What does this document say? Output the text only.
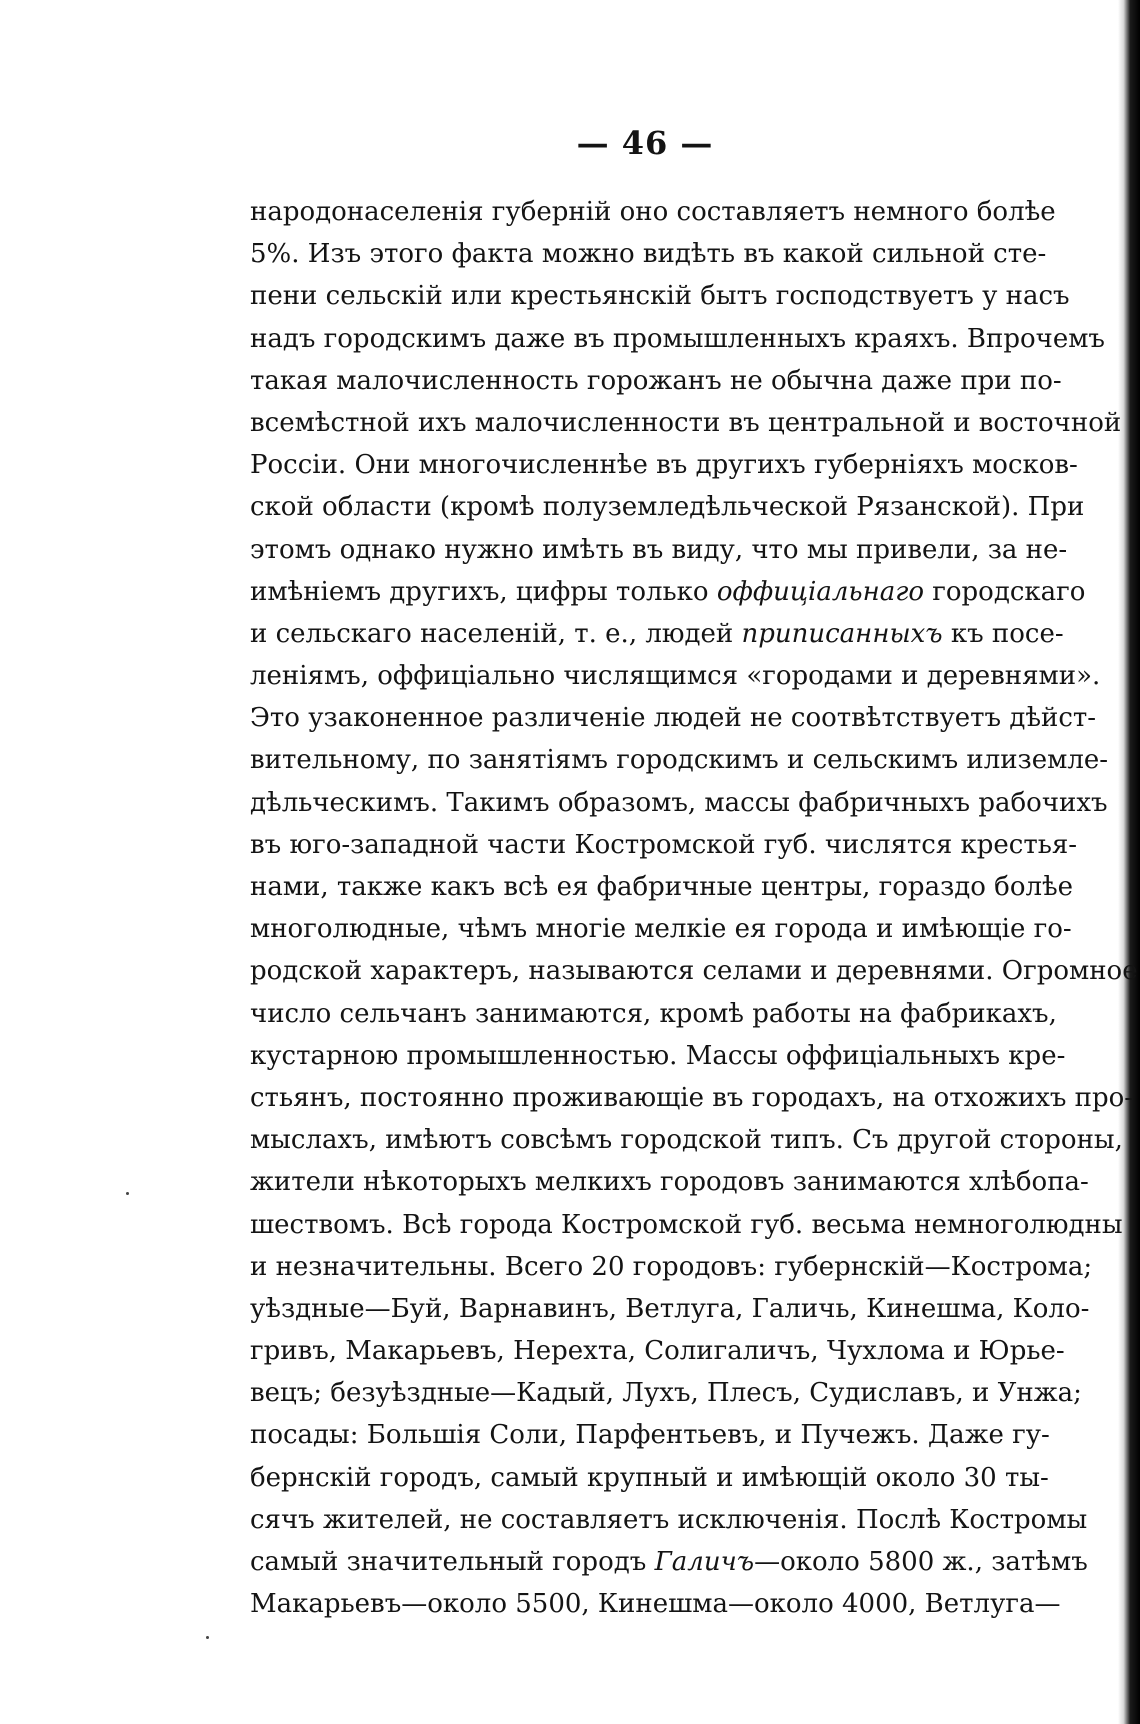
— 46 —
народонаселенія губерній оно составляетъ немного болѣе
5%. Изъ этого факта можно видѣть въ какой сильной сте-
пени сельскій или крестьянскій бытъ господствуетъ у насъ
надъ городскимъ даже въ промышленныхъ краяхъ. Впрочемъ
такая малочисленность горожанъ не обычна даже при по-
всемѣстной ихъ малочисленности въ центральной и восточной
Россіи. Они многочисленнѣе въ другихъ губерніяхъ москов-
ской области (кромѣ полуземледѣльческой Рязанской). При
этомъ однако нужно имѣть въ виду, что мы привели, за не-
имѣніемъ другихъ, цифры только оффиціальнаго городскаго
и сельскаго населеній, т. е., людей приписанныхъ къ посе-
леніямъ, оффиціально числящимся «городами и деревнями».
Это узаконенное различеніе людей не соотвѣтствуетъ дѣйст-
вительному, по занятіямъ городскимъ и сельскимъ илиземле-
дѣльческимъ. Такимъ образомъ, массы фабричныхъ рабочихъ
въ юго-западной части Костромской губ. числятся крестья-
нами, также какъ всѣ ея фабричные центры, гораздо болѣе
многолюдные, чѣмъ многіе мелкіе ея города и имѣющіе го-
родской характеръ, называются селами и деревнями. Огромное
число сельчанъ занимаются, кромѣ работы на фабрикахъ,
кустарною промышленностью. Массы оффиціальныхъ кре-
стьянъ, постоянно проживающіе въ городахъ, на отхожихъ про-
мыслахъ, имѣютъ совсѣмъ городской типъ. Съ другой стороны,
жители нѣкоторыхъ мелкихъ городовъ занимаются хлѣбопа-
шествомъ. Всѣ города Костромской губ. весьма немноголюдны
и незначительны. Всего 20 городовъ: губернскій—Кострома;
уѣздные—Буй, Варнавинъ, Ветлуга, Галичь, Кинешма, Коло-
гривъ, Макарьевъ, Нерехта, Солигаличъ, Чухлома и Юрье-
вецъ; безуѣздные—Кадый, Лухъ, Плесъ, Судиславъ, и Унжа;
посады: Большія Соли, Парфентьевъ, и Пучежъ. Даже гу-
бернскій городъ, самый крупный и имѣющій около 30 ты-
сячъ жителей, не составляетъ исключенія. Послѣ Костромы
самый значительный городъ Галичъ—около 5800 ж., затѣмъ
Макарьевъ—около 5500, Кинешма—около 4000, Ветлуга—
